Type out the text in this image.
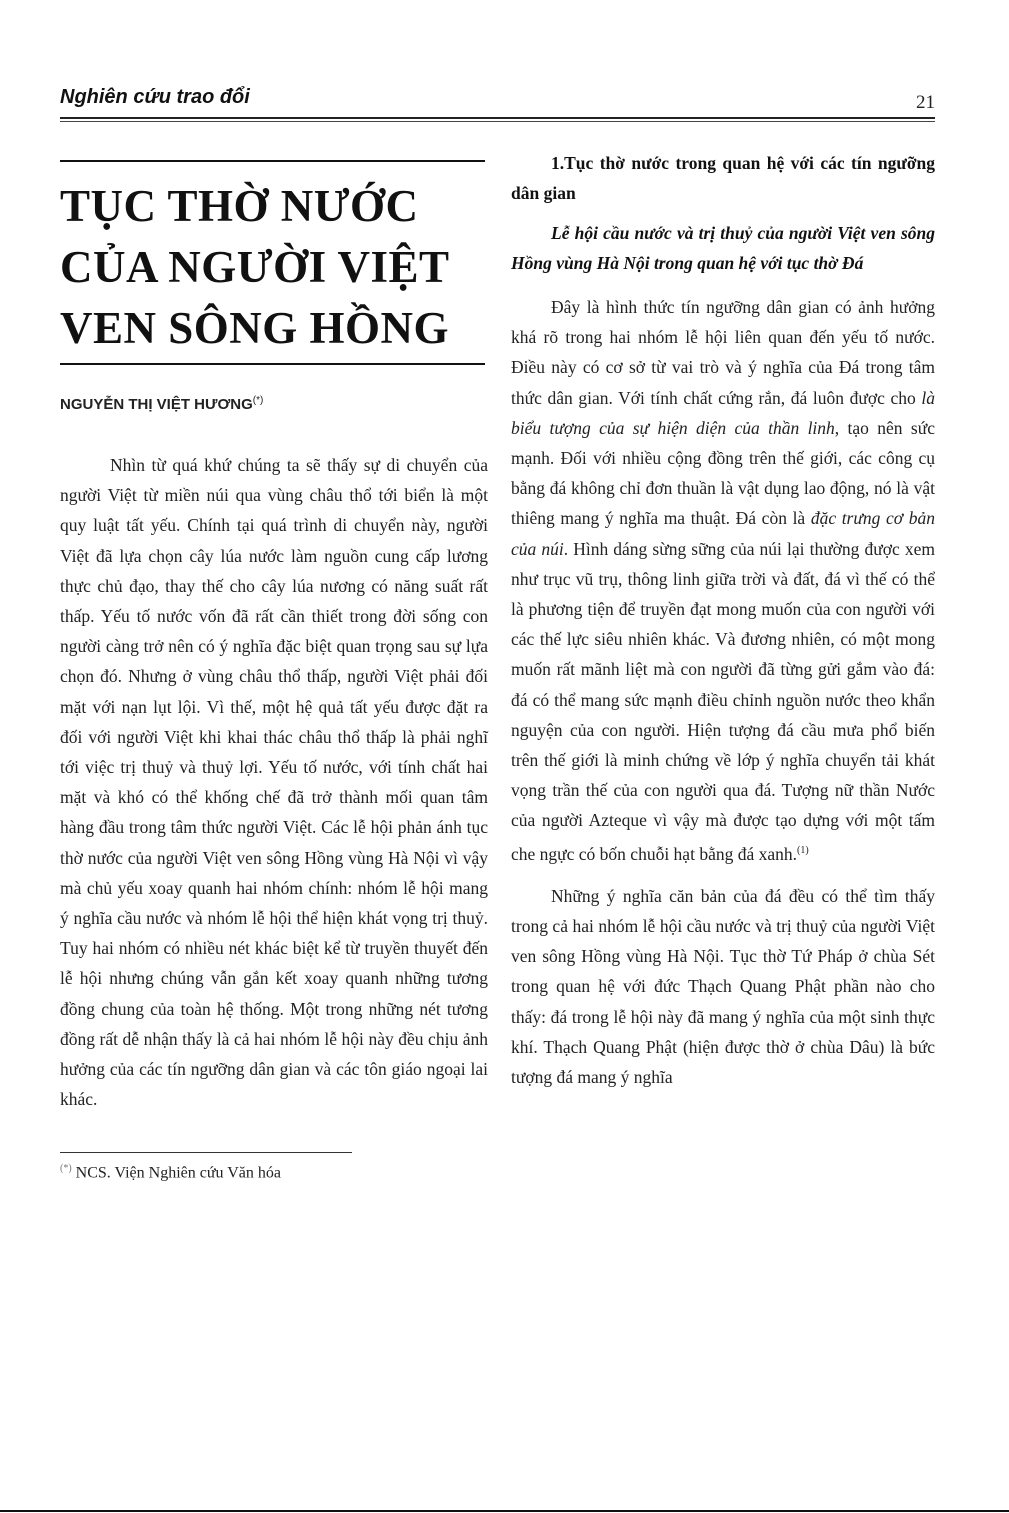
Nghiên cứu trao đổi	21
TỤC THỜ NƯỚC
CỦA NGƯỜI VIỆT
VEN SÔNG HỒNG
NGUYỄN THỊ VIỆT HƯƠNG(*)

Nhìn từ quá khứ chúng ta sẽ thấy sự di chuyển của người Việt từ miền núi qua vùng châu thổ tới biển là một quy luật tất yếu. Chính tại quá trình di chuyển này, người Việt đã lựa chọn cây lúa nước làm nguồn cung cấp lương thực chủ đạo, thay thế cho cây lúa nương có năng suất rất thấp. Yếu tố nước vốn đã rất cần thiết trong đời sống con người càng trở nên có ý nghĩa đặc biệt quan trọng sau sự lựa chọn đó. Nhưng ở vùng châu thổ thấp, người Việt phải đối mặt với nạn lụt lội. Vì thế, một hệ quả tất yếu được đặt ra đối với người Việt khi khai thác châu thổ thấp là phải nghĩ tới việc trị thuỷ và thuỷ lợi. Yếu tố nước, với tính chất hai mặt và khó có thể khống chế đã trở thành mối quan tâm hàng đầu trong tâm thức người Việt. Các lễ hội phản ánh tục thờ nước của người Việt ven sông Hồng vùng Hà Nội vì vậy mà chủ yếu xoay quanh hai nhóm chính: nhóm lễ hội mang ý nghĩa cầu nước và nhóm lễ hội thể hiện khát vọng trị thuỷ. Tuy hai nhóm có nhiều nét khác biệt kể từ truyền thuyết đến lễ hội nhưng chúng vẫn gắn kết xoay quanh những tương đồng chung của toàn hệ thống. Một trong những nét tương đồng rất dễ nhận thấy là cả hai nhóm lễ hội này đều chịu ảnh hưởng của các tín ngưỡng dân gian và các tôn giáo ngoại lai khác.

(*) NCS. Viện Nghiên cứu Văn hóa
1.Tục thờ nước trong quan hệ với các tín ngưỡng dân gian
Lễ hội cầu nước và trị thuỷ của người Việt ven sông Hồng vùng Hà Nội trong quan hệ với tục thờ Đá

Đây là hình thức tín ngưỡng dân gian có ảnh hưởng khá rõ trong hai nhóm lễ hội liên quan đến yếu tố nước. Điều này có cơ sở từ vai trò và ý nghĩa của Đá trong tâm thức dân gian. Với tính chất cứng rắn, đá luôn được cho là biểu tượng của sự hiện diện của thần linh, tạo nên sức mạnh. Đối với nhiều cộng đồng trên thế giới, các công cụ bằng đá không chỉ đơn thuần là vật dụng lao động, nó là vật thiêng mang ý nghĩa ma thuật. Đá còn là đặc trưng cơ bản của núi. Hình dáng sừng sững của núi lại thường được xem như trục vũ trụ, thông linh giữa trời và đất, đá vì thế có thể là phương tiện để truyền đạt mong muốn của con người với các thế lực siêu nhiên khác. Và đương nhiên, có một mong muốn rất mãnh liệt mà con người đã từng gửi gắm vào đá: đá có thể mang sức mạnh điều chỉnh nguồn nước theo khẩn nguyện của con người. Hiện tượng đá cầu mưa phổ biến trên thế giới là minh chứng về lớp ý nghĩa chuyển tải khát vọng trần thế của con người qua đá. Tượng nữ thần Nước của người Azteque vì vậy mà được tạo dựng với một tấm che ngực có bốn chuỗi hạt bằng đá xanh.$^{(1)}$

Những ý nghĩa căn bản của đá đều có thể tìm thấy trong cả hai nhóm lễ hội cầu nước và trị thuỷ của người Việt ven sông Hồng vùng Hà Nội. Tục thờ Tứ Pháp ở chùa Sét trong quan hệ với đức Thạch Quang Phật phần nào cho thấy: đá trong lễ hội này đã mang ý nghĩa của một sinh thực khí. Thạch Quang Phật (hiện được thờ ở chùa Dâu) là bức tượng đá mang ý nghĩa
